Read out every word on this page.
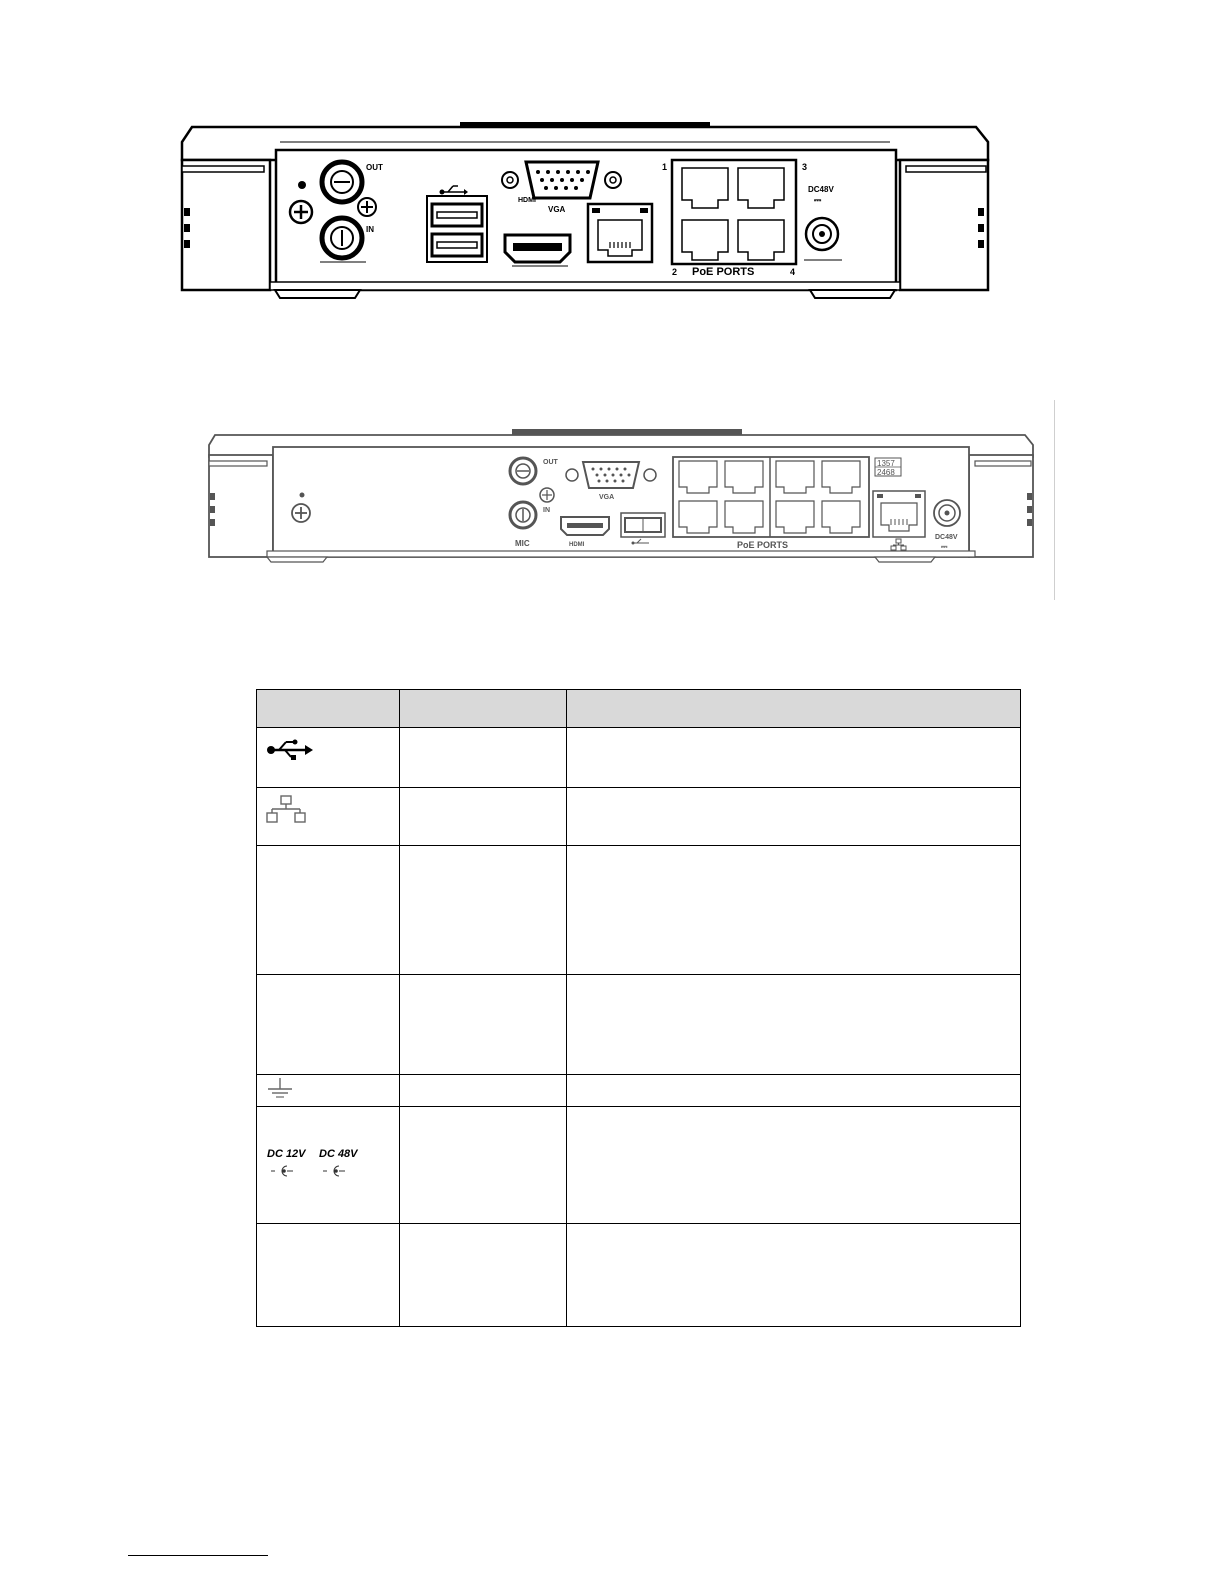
OUT
IN
VGA
HDMI
1	3
2	4
PoE PORTS
DC48V
⎓
OUT
IN
MIC
VGA
HDMI	PoE PORTS
1357
2468
DC48V
⎓

DC 12V DC 48V		
